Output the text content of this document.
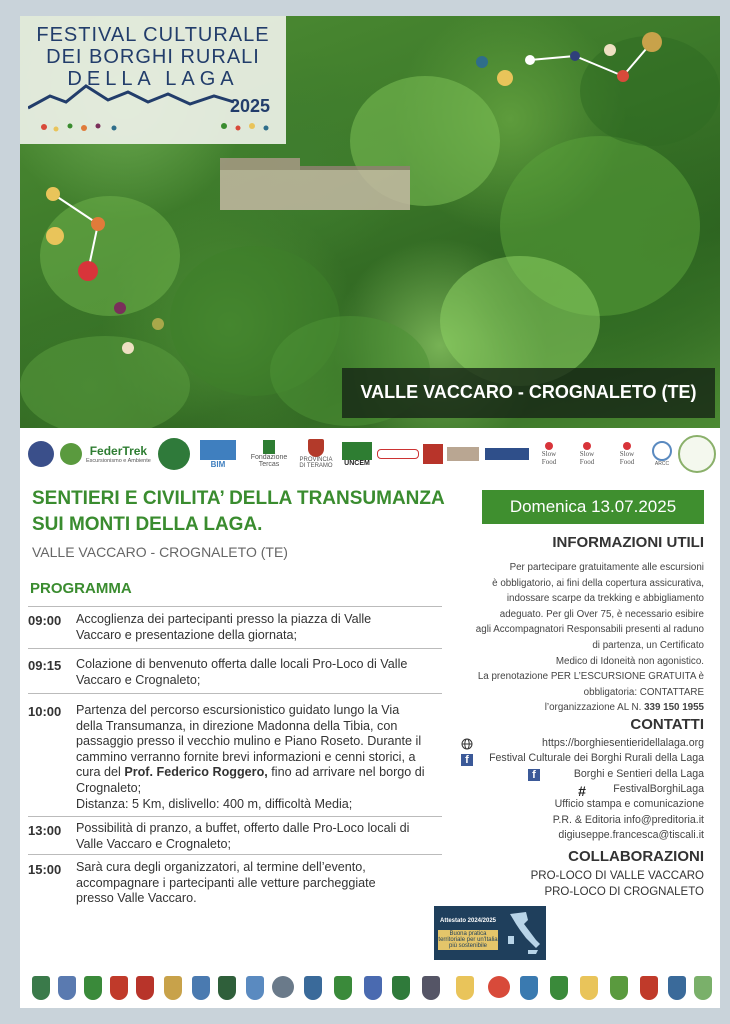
FESTIVAL CULTURALE
DEI BORGHI RURALI
DELLA LAGA
2025
VALLE VACCARO - CROGNALETO (TE)
FederTrek
Escursionismo e Ambiente	BIM
Fondazione Tercas
PROVINCIA DI TERAMO	UNCEM
Slow Food
Slow Food
Slow Food	ARCC
SENTIERI E CIVILITA’ DELLA TRANSUMANZA
SUI MONTI DELLA LAGA.
VALLE VACCARO - CROGNALETO (TE)
PROGRAMMA
09:00 Accoglienza dei partecipanti presso la piazza di Valle
Vaccaro e presentazione della giornata;
09:15 Colazione di benvenuto offerta dalle locali Pro-Loco di Valle
Vaccaro e Crognaleto;
10:00 Partenza del percorso escursionistico guidato lungo la Via
della Transumanza, in direzione Madonna della Tibia, con
passaggio presso il vecchio mulino e Piano Roseto. Durante il
cammino verranno fornite brevi informazioni e cenni storici, a
cura del Prof. Federico Roggero, fino ad arrivare nel borgo di
Crognaleto;
Distanza: 5 Km, dislivello: 400 m, difficoltà Media;
13:00 Possibilità di pranzo, a buffet, offerto dalle Pro-Loco locali di
Valle Vaccaro e Crognaleto;
15:00 Sarà cura degli organizzatori, al termine dell’evento,
accompagnare i partecipanti alle vetture parcheggiate
presso Valle Vaccaro.
Domenica 13.07.2025
INFORMAZIONI UTILI
Per partecipare gratuitamente alle escursioni
è obbligatorio, ai fini della copertura assicurativa,
indossare scarpe da trekking e abbigliamento
adeguato. Per gli Over 75, è necessario esibire
agli Accompagnatori Responsabili presenti al raduno
di partenza, un Certificato
Medico di Idoneità non agonistico.
La prenotazione PER L’ESCURSIONE GRATUITA è
obbligatoria: CONTATTARE
l’organizzazione AL N. 339 150 1955
CONTATTI
https://borghiesentieridellalaga.org
f	Festival Culturale dei Borghi Rurali della Laga
f	Borghi e Sentieri della Laga
#	FestivalBorghiLaga
Ufficio stampa e comunicazione
P.R. & Editoria info@preditoria.it
digiuseppe.francesca@tiscali.it
COLLABORAZIONI
PRO-LOCO DI VALLE VACCARO
PRO-LOCO DI CROGNALETO
Attestato 2024/2025
Buona pratica territoriale per un'Italia più sostenibile
